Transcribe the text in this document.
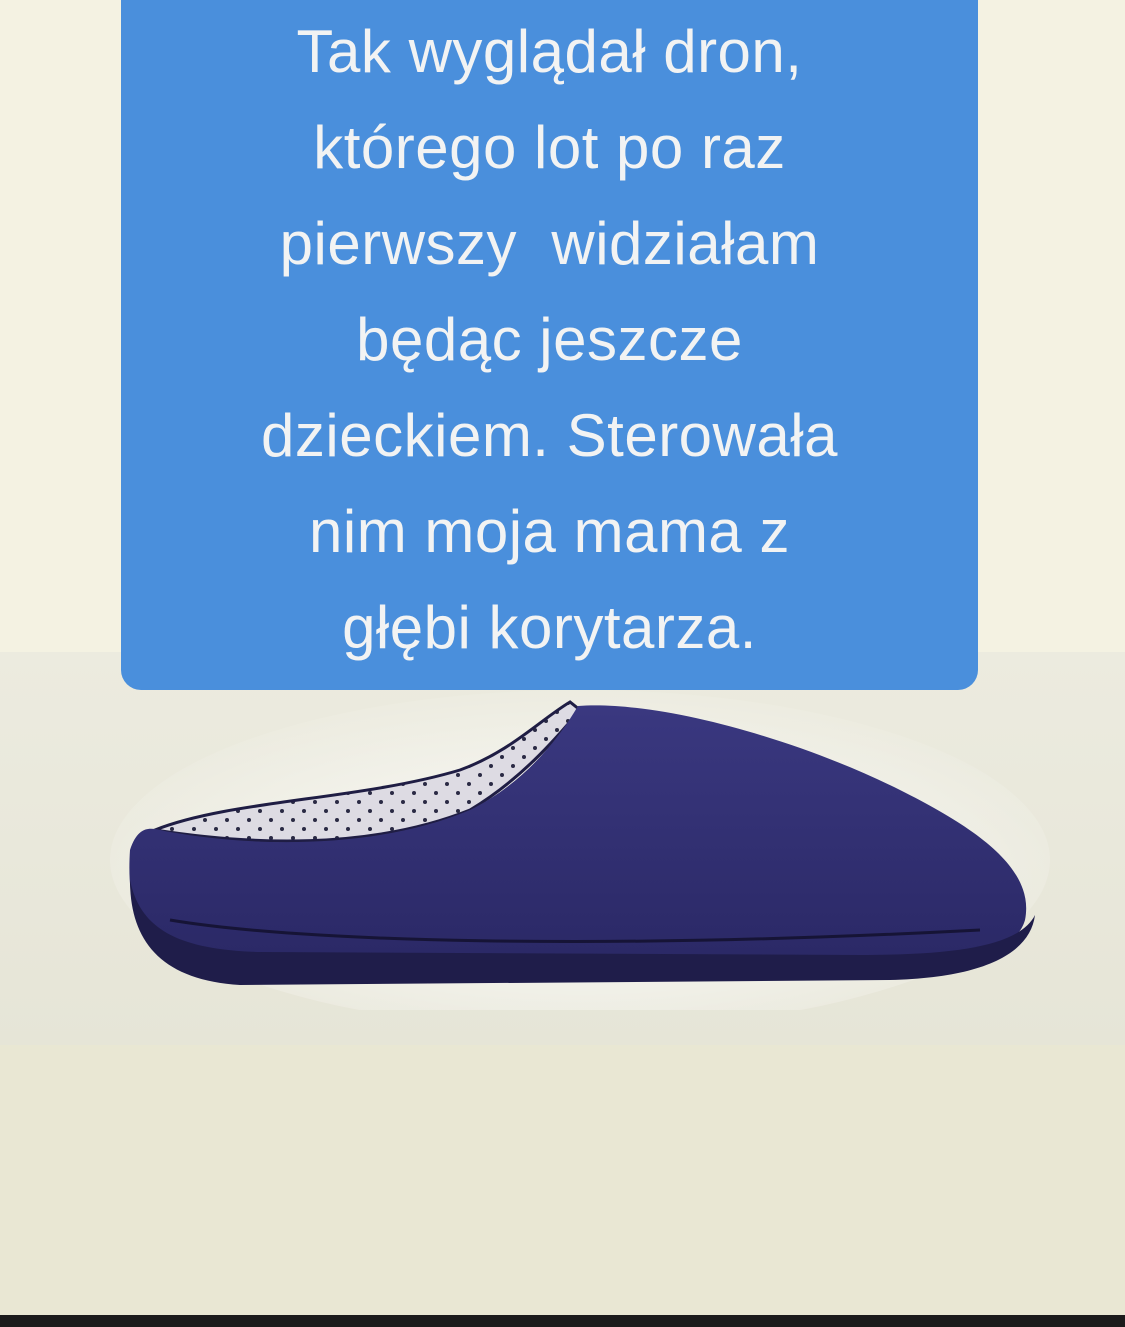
Tak wyglądał dron,
którego lot po raz
pierwszy  widziałam
będąc jeszcze
dzieckiem. Sterowała
nim moja mama z
głębi korytarza.
